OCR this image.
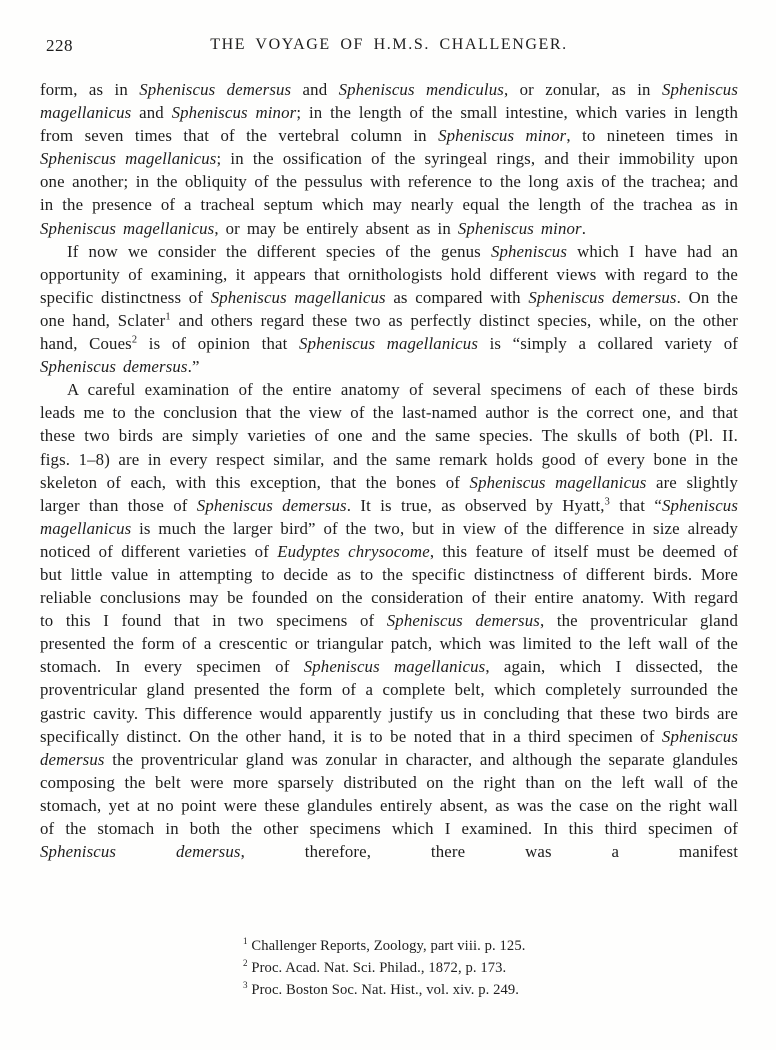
228	THE VOYAGE OF H.M.S. CHALLENGER.

form, as in Spheniscus demersus and Spheniscus mendiculus, or zonular, as in Spheniscus magellanicus and Spheniscus minor; in the length of the small intestine, which varies in length from seven times that of the vertebral column in Spheniscus minor, to nineteen times in Spheniscus magellanicus; in the ossification of the syringeal rings, and their immobility upon one another; in the obliquity of the pessulus with reference to the long axis of the trachea; and in the presence of a tracheal septum which may nearly equal the length of the trachea as in Spheniscus magellanicus, or may be entirely absent as in Spheniscus minor.

If now we consider the different species of the genus Spheniscus which I have had an opportunity of examining, it appears that ornithologists hold different views with regard to the specific distinctness of Spheniscus magellanicus as compared with Spheniscus demersus. On the one hand, Sclater$^1$ and others regard these two as perfectly distinct species, while, on the other hand, Coues$^2$ is of opinion that Spheniscus magellanicus is “simply a collared variety of Spheniscus demersus.”

A careful examination of the entire anatomy of several specimens of each of these birds leads me to the conclusion that the view of the last-named author is the correct one, and that these two birds are simply varieties of one and the same species. The skulls of both (Pl. II. figs. 1–8) are in every respect similar, and the same remark holds good of every bone in the skeleton of each, with this exception, that the bones of Spheniscus magellanicus are slightly larger than those of Spheniscus demersus. It is true, as observed by Hyatt,$^3$ that “Spheniscus magellanicus is much the larger bird” of the two, but in view of the difference in size already noticed of different varieties of Eudyptes chrysocome, this feature of itself must be deemed of but little value in attempting to decide as to the specific distinctness of different birds. More reliable conclusions may be founded on the consideration of their entire anatomy. With regard to this I found that in two specimens of Spheniscus demersus, the proventricular gland presented the form of a crescentic or triangular patch, which was limited to the left wall of the stomach. In every specimen of Spheniscus magellanicus, again, which I dissected, the proventricular gland presented the form of a complete belt, which completely surrounded the gastric cavity. This difference would apparently justify us in concluding that these two birds are specifically distinct. On the other hand, it is to be noted that in a third specimen of Spheniscus demersus the proventricular gland was zonular in character, and although the separate glandules composing the belt were more sparsely distributed on the right than on the left wall of the stomach, yet at no point were these glandules entirely absent, as was the case on the right wall of the stomach in both the other specimens which I examined. In this third specimen of Spheniscus demersus, therefore, there was a manifest

$^1$ Challenger Reports, Zoology, part viii. p. 125.
$^2$ Proc. Acad. Nat. Sci. Philad., 1872, p. 173.
$^3$ Proc. Boston Soc. Nat. Hist., vol. xiv. p. 249.
